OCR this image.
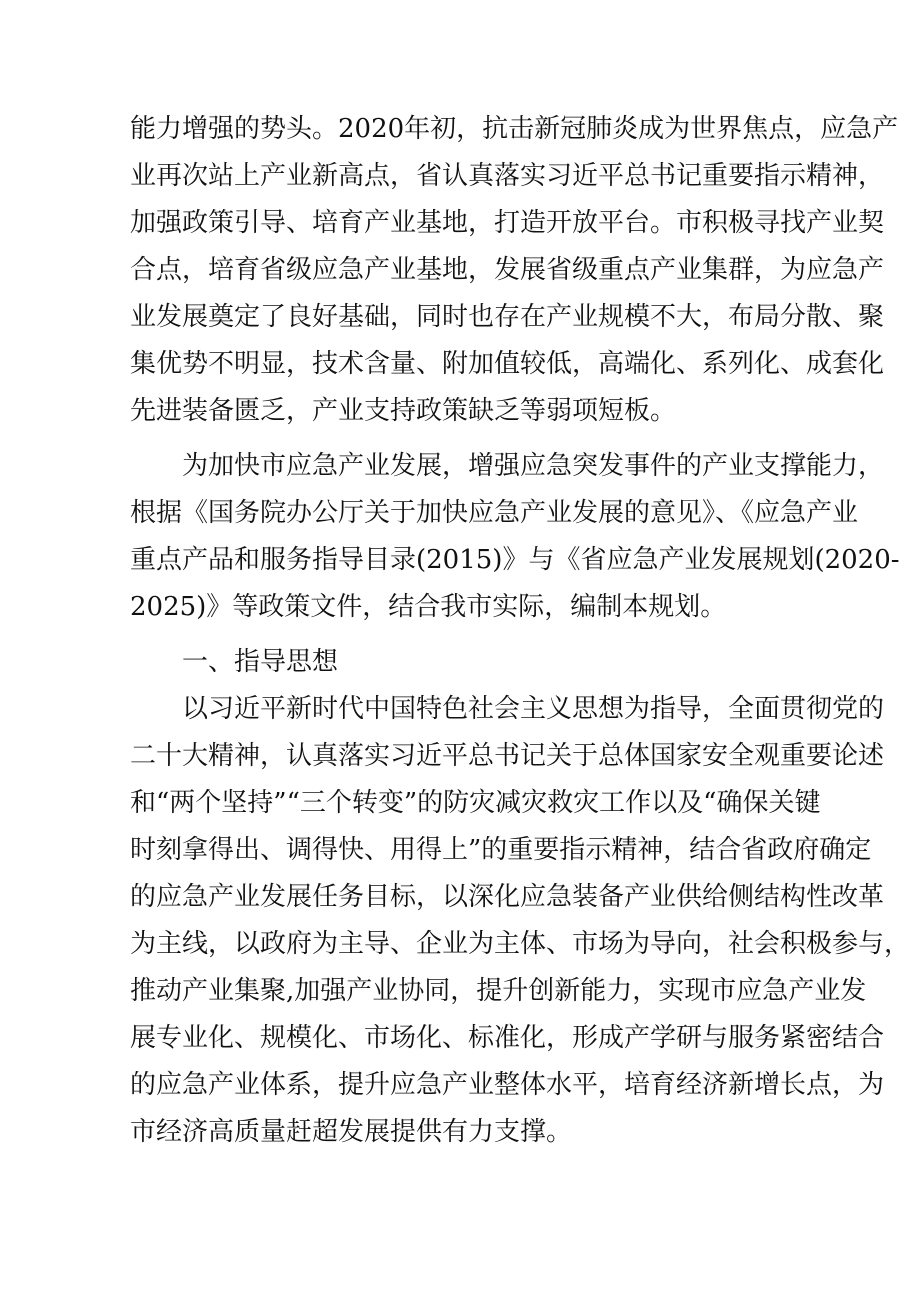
能力增强的势头。2020年初，抗击新冠肺炎成为世界焦点，应急产
业再次站上产业新高点，省认真落实习近平总书记重要指示精神，
加强政策引导、培育产业基地，打造开放平台。市积极寻找产业契
合点，培育省级应急产业基地，发展省级重点产业集群，为应急产
业发展奠定了良好基础，同时也存在产业规模不大，布局分散、聚
集优势不明显，技术含量、附加值较低，高端化、系列化、成套化
先进装备匮乏，产业支持政策缺乏等弱项短板。
为加快市应急产业发展，增强应急突发事件的产业支撑能力，
根据《国务院办公厅关于加快应急产业发展的意见》、《应急产业
重点产品和服务指导目录(2015)》与《省应急产业发展规划(2020-
2025)》等政策文件，结合我市实际，编制本规划。
一、指导思想
以习近平新时代中国特色社会主义思想为指导，全面贯彻党的
二十大精神，认真落实习近平总书记关于总体国家安全观重要论述
和“两个坚持”“三个转变”的防灾减灾救灾工作以及“确保关键
时刻拿得出、调得快、用得上”的重要指示精神，结合省政府确定
的应急产业发展任务目标，以深化应急装备产业供给侧结构性改革
为主线，以政府为主导、企业为主体、市场为导向，社会积极参与，
推动产业集聚,加强产业协同，提升创新能力，实现市应急产业发
展专业化、规模化、市场化、标准化，形成产学研与服务紧密结合
的应急产业体系，提升应急产业整体水平，培育经济新增长点，为
市经济高质量赶超发展提供有力支撑。
